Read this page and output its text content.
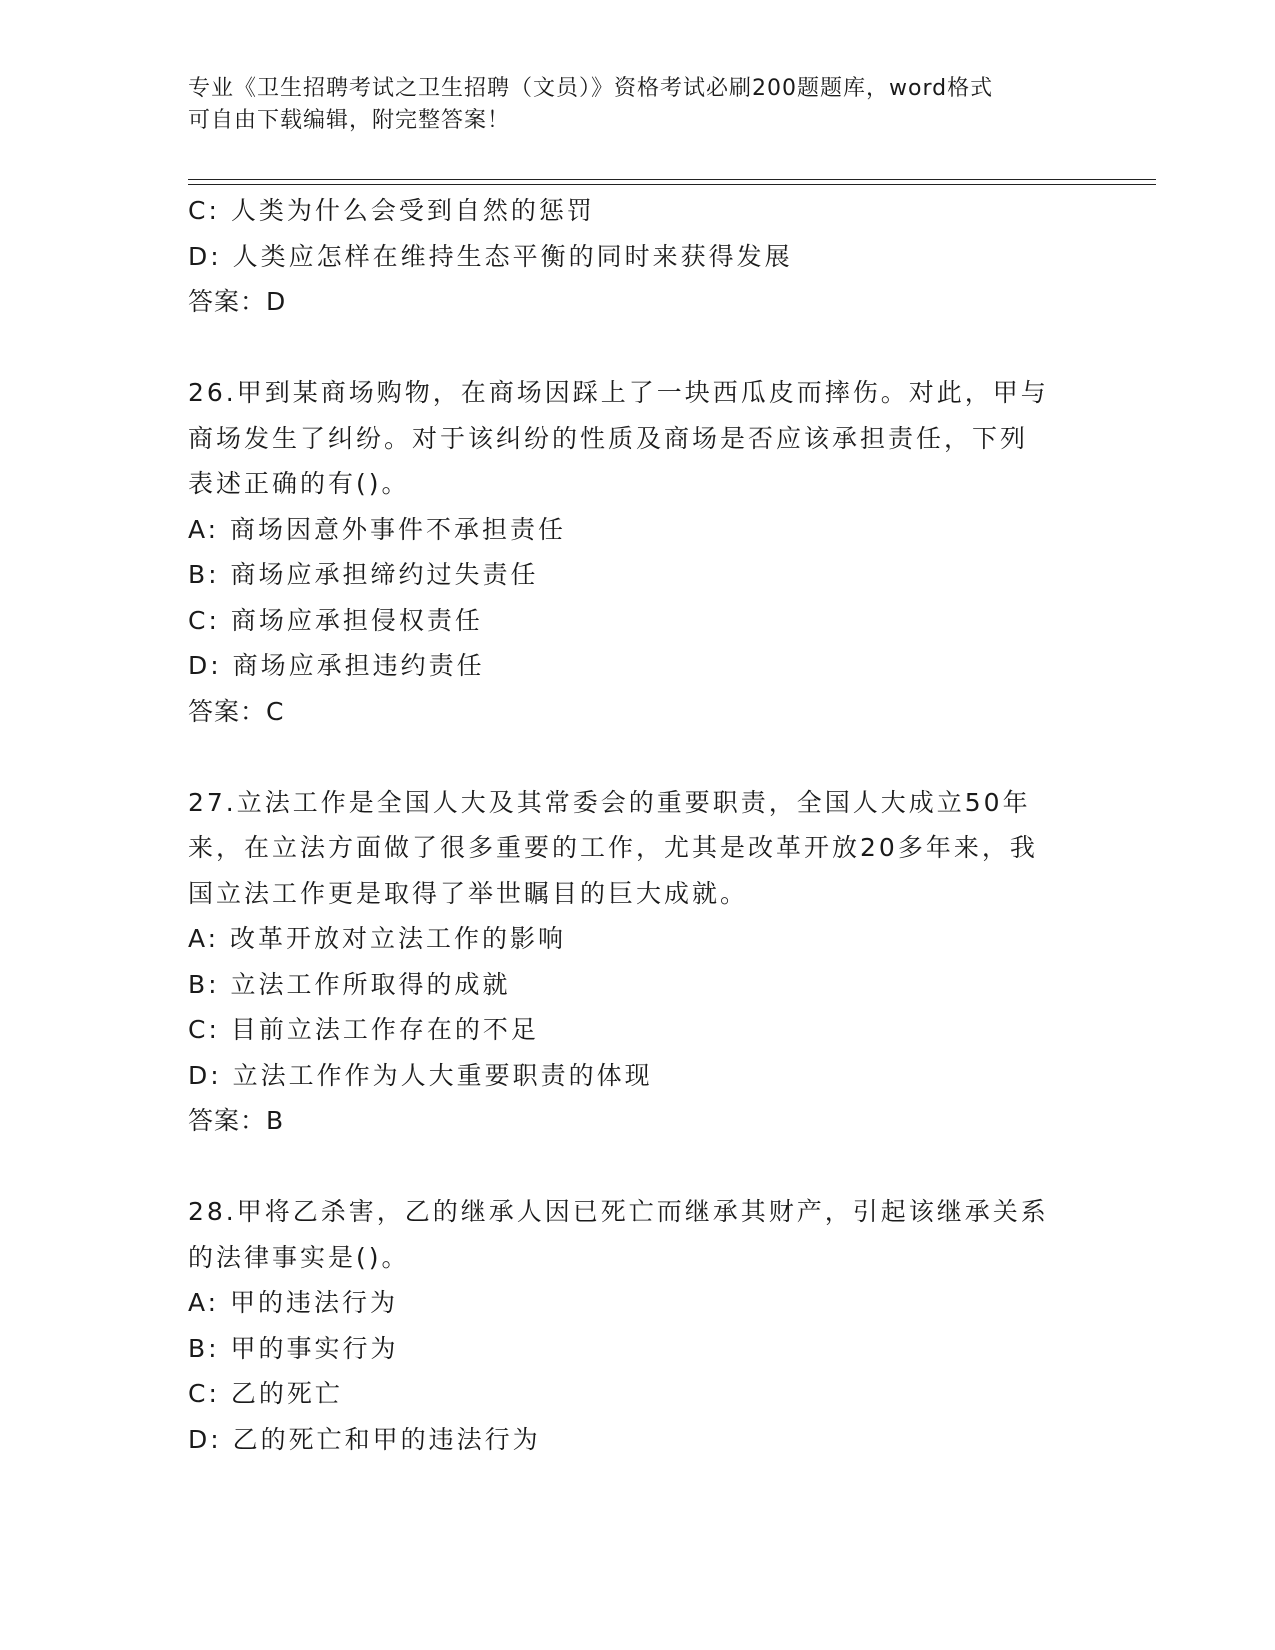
专业《卫生招聘考试之卫生招聘（文员）》资格考试必刷200题题库，word格式
可自由下载编辑，附完整答案！
C: 人类为什么会受到自然的惩罚
D: 人类应怎样在维持生态平衡的同时来获得发展
答案：D
26.甲到某商场购物，在商场因踩上了一块西瓜皮而摔伤。对此，甲与
商场发生了纠纷。对于该纠纷的性质及商场是否应该承担责任，下列
表述正确的有()。
A: 商场因意外事件不承担责任
B: 商场应承担缔约过失责任
C: 商场应承担侵权责任
D: 商场应承担违约责任
答案：C
27.立法工作是全国人大及其常委会的重要职责，全国人大成立50年
来，在立法方面做了很多重要的工作，尤其是改革开放20多年来，我
国立法工作更是取得了举世瞩目的巨大成就。
A: 改革开放对立法工作的影响
B: 立法工作所取得的成就
C: 目前立法工作存在的不足
D: 立法工作作为人大重要职责的体现
答案：B
28.甲将乙杀害，乙的继承人因已死亡而继承其财产，引起该继承关系
的法律事实是()。
A: 甲的违法行为
B: 甲的事实行为
C: 乙的死亡
D: 乙的死亡和甲的违法行为
